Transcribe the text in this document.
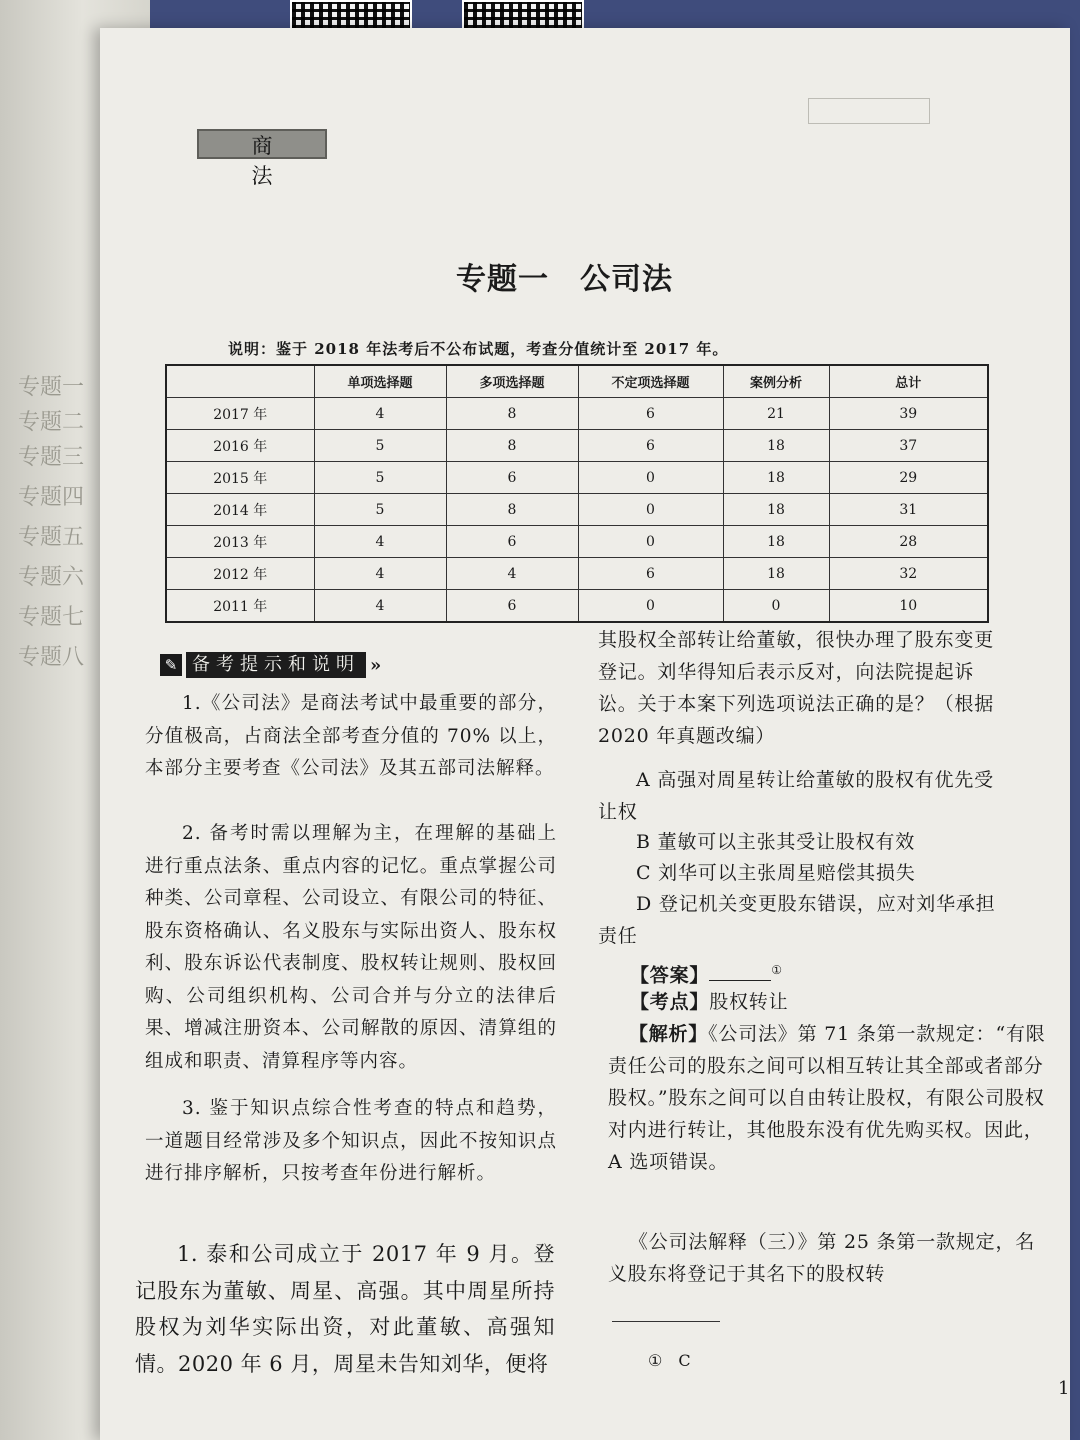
专题一
专题二
专题三
专题四
专题五
专题六
专题七
专题八
商 法
专题一　公司法
说明：鉴于 2018 年法考后不公布试题，考查分值统计至 2017 年。
	单项选择题	多项选择题	不定项选择题	案例分析	总计
2017 年	4	8	6	21	39
2016 年	5	8	6	18	37
2015 年	5	6	0	18	29
2014 年	5	8	0	18	31
2013 年	4	6	0	18	28
2012 年	4	4	6	18	32
2011 年	4	6	0	0	10
✎ 备考提示和说明 »
1.《公司法》是商法考试中最重要的部分，分值极高，占商法全部考查分值的 70% 以上，本部分主要考查《公司法》及其五部司法解释。
2. 备考时需以理解为主，在理解的基础上进行重点法条、重点内容的记忆。重点掌握公司种类、公司章程、公司设立、有限公司的特征、股东资格确认、名义股东与实际出资人、股东权利、股东诉讼代表制度、股权转让规则、股权回购、公司组织机构、公司合并与分立的法律后果、增减注册资本、公司解散的原因、清算组的组成和职责、清算程序等内容。
3. 鉴于知识点综合性考查的特点和趋势，一道题目经常涉及多个知识点，因此不按知识点进行排序解析，只按考查年份进行解析。
1. 泰和公司成立于 2017 年 9 月。登记股东为董敏、周星、高强。其中周星所持股权为刘华实际出资，对此董敏、高强知情。2020 年 6 月，周星未告知刘华，便将
其股权全部转让给董敏，很快办理了股东变更登记。刘华得知后表示反对，向法院提起诉讼。关于本案下列选项说法正确的是？（根据 2020 年真题改编）
A 高强对周星转让给董敏的股权有优先受让权
B 董敏可以主张其受让股权有效
C 刘华可以主张周星赔偿其损失
D 登记机关变更股东错误，应对刘华承担责任
【答案】	①
【考点】股权转让
【解析】《公司法》第 71 条第一款规定：“有限责任公司的股东之间可以相互转让其全部或者部分股权。”股东之间可以自由转让股权，有限公司股权对内进行转让，其他股东没有优先购买权。因此，A 选项错误。
《公司法解释（三）》第 25 条第一款规定，名义股东将登记于其名下的股权转
①　C
1
